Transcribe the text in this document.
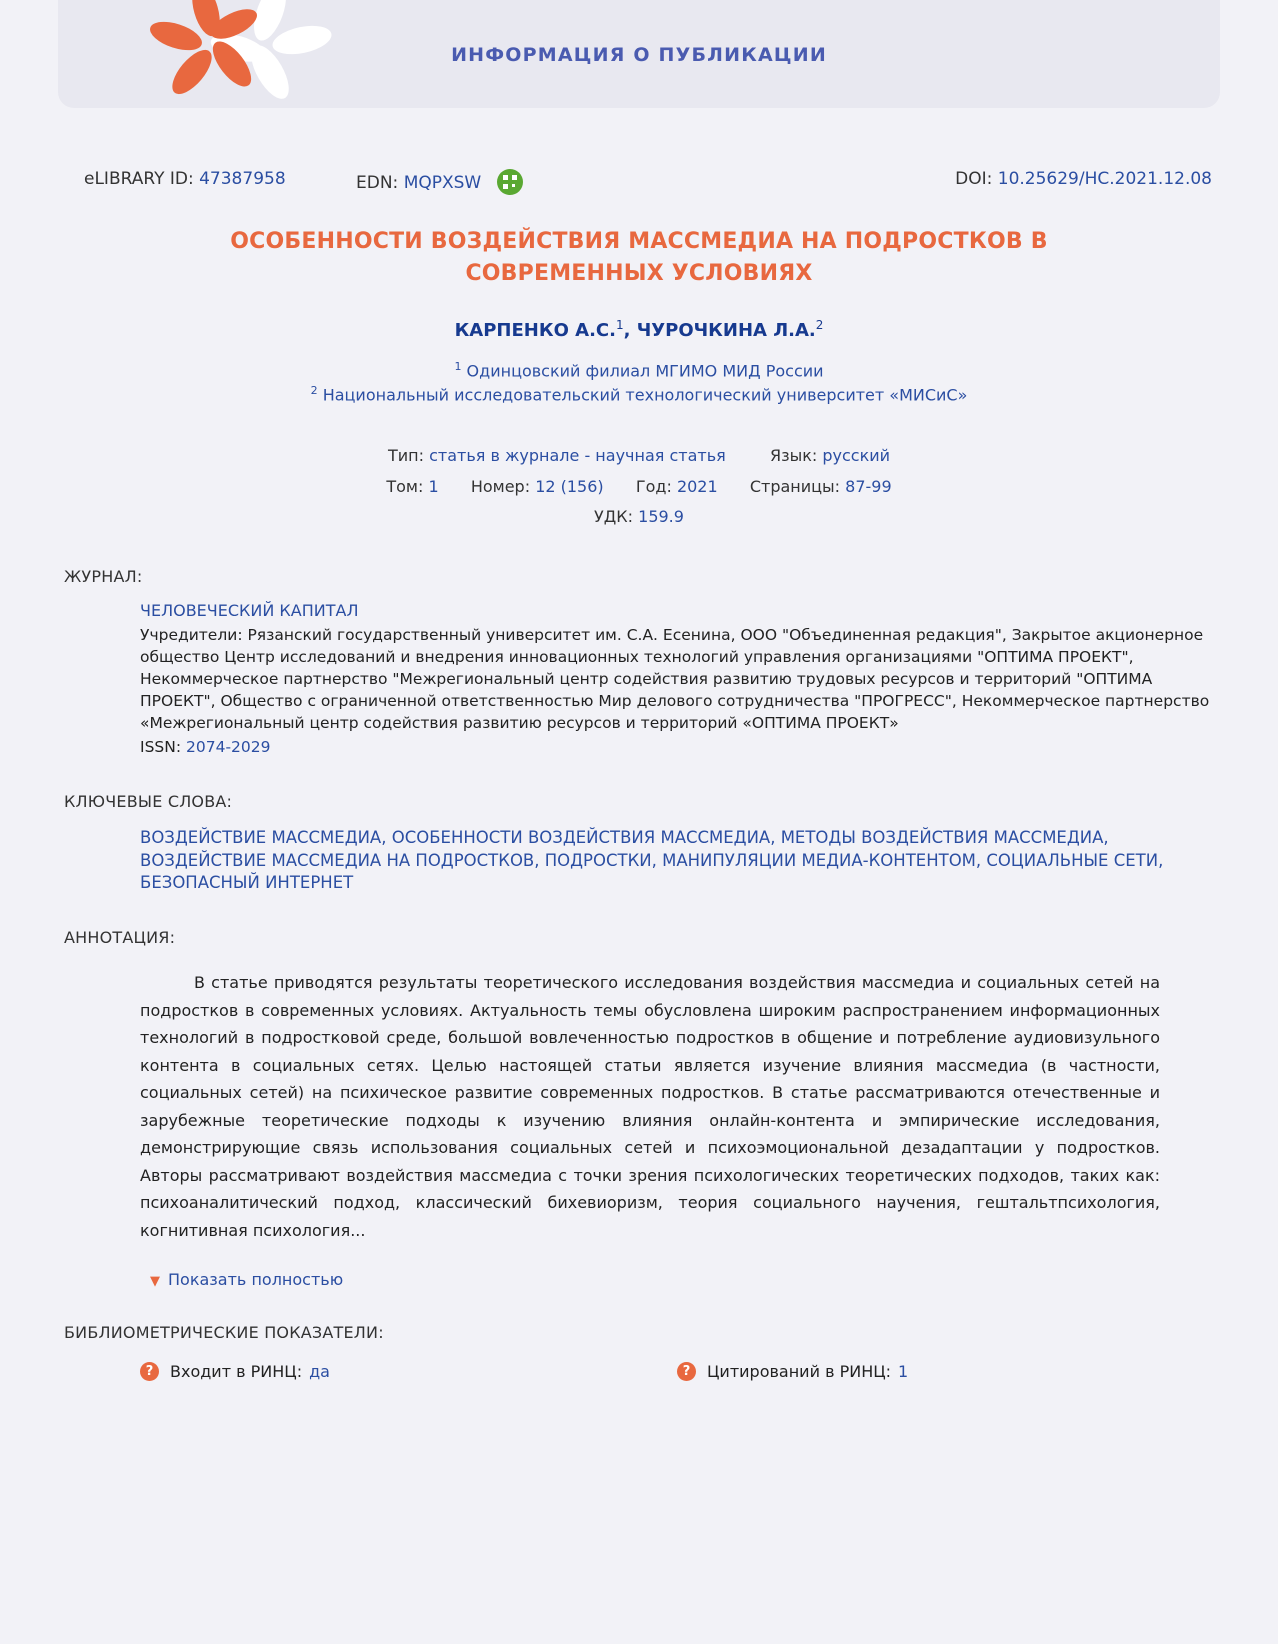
ИНФОРМАЦИЯ О ПУБЛИКАЦИИ
eLIBRARY ID: 47387958	EDN: MQPXSW	DOI: 10.25629/HC.2021.12.08
ОСОБЕННОСТИ ВОЗДЕЙСТВИЯ МАССМЕДИА НА ПОДРОСТКОВ В СОВРЕМЕННЫХ УСЛОВИЯХ
КАРПЕНКО А.С.$^1$, ЧУРОЧКИНА Л.А.$^2$
$^1$ Одинцовский филиал МГИМО МИД России
$^2$ Национальный исследовательский технологический университет «МИСиС»
Тип: статья в журнале - научная статья	Язык: русский
Том: 1 Номер: 12 (156) Год: 2021 Страницы: 87-99
УДК: 159.9
ЖУРНАЛ:
ЧЕЛОВЕЧЕСКИЙ КАПИТАЛ
Учредители: Рязанский государственный университет им. С.А. Есенина, ООО "Объединенная редакция", Закрытое акционерное общество Центр исследований и внедрения инновационных технологий управления организациями "ОПТИМА ПРОЕКТ", Некоммерческое партнерство "Межрегиональный центр содействия развитию трудовых ресурсов и территорий "ОПТИМА ПРОЕКТ", Общество с ограниченной ответственностью Мир делового сотрудничества "ПРОГРЕСС", Некоммерческое партнерство «Межрегиональный центр содействия развитию ресурсов и территорий «ОПТИМА ПРОЕКТ»
ISSN: 2074-2029
КЛЮЧЕВЫЕ СЛОВА:
ВОЗДЕЙСТВИЕ МАССМЕДИА, ОСОБЕННОСТИ ВОЗДЕЙСТВИЯ МАССМЕДИА, МЕТОДЫ ВОЗДЕЙСТВИЯ МАССМЕДИА, ВОЗДЕЙСТВИЕ МАССМЕДИА НА ПОДРОСТКОВ, ПОДРОСТКИ, МАНИПУЛЯЦИИ МЕДИА-КОНТЕНТОМ, СОЦИАЛЬНЫЕ СЕТИ, БЕЗОПАСНЫЙ ИНТЕРНЕТ
АННОТАЦИЯ:
В статье приводятся результаты теоретического исследования воздействия массмедиа и социальных сетей на подростков в современных условиях. Актуальность темы обусловлена широким распространением информационных технологий в подростковой среде, большой вовлеченностью подростков в общение и потребление аудиовизульного контента в социальных сетях. Целью настоящей статьи является изучение влияния массмедиа (в частности, социальных сетей) на психическое развитие современных подростков. В статье рассматриваются отечественные и зарубежные теоретические подходы к изучению влияния онлайн-контента и эмпирические исследования, демонстрирующие связь использования социальных сетей и психоэмоциональной дезадаптации у подростков. Авторы рассматривают воздействия массмедиа с точки зрения психологических теоретических подходов, таких как: психоаналитический подход, классический бихевиоризм, теория социального научения, гештальтпсихология, когнитивная психология...
▼ Показать полностью
БИБЛИОМЕТРИЧЕСКИЕ ПОКАЗАТЕЛИ:
?	Входит в РИНЦ: да	?	Цитирований в РИНЦ: 1
